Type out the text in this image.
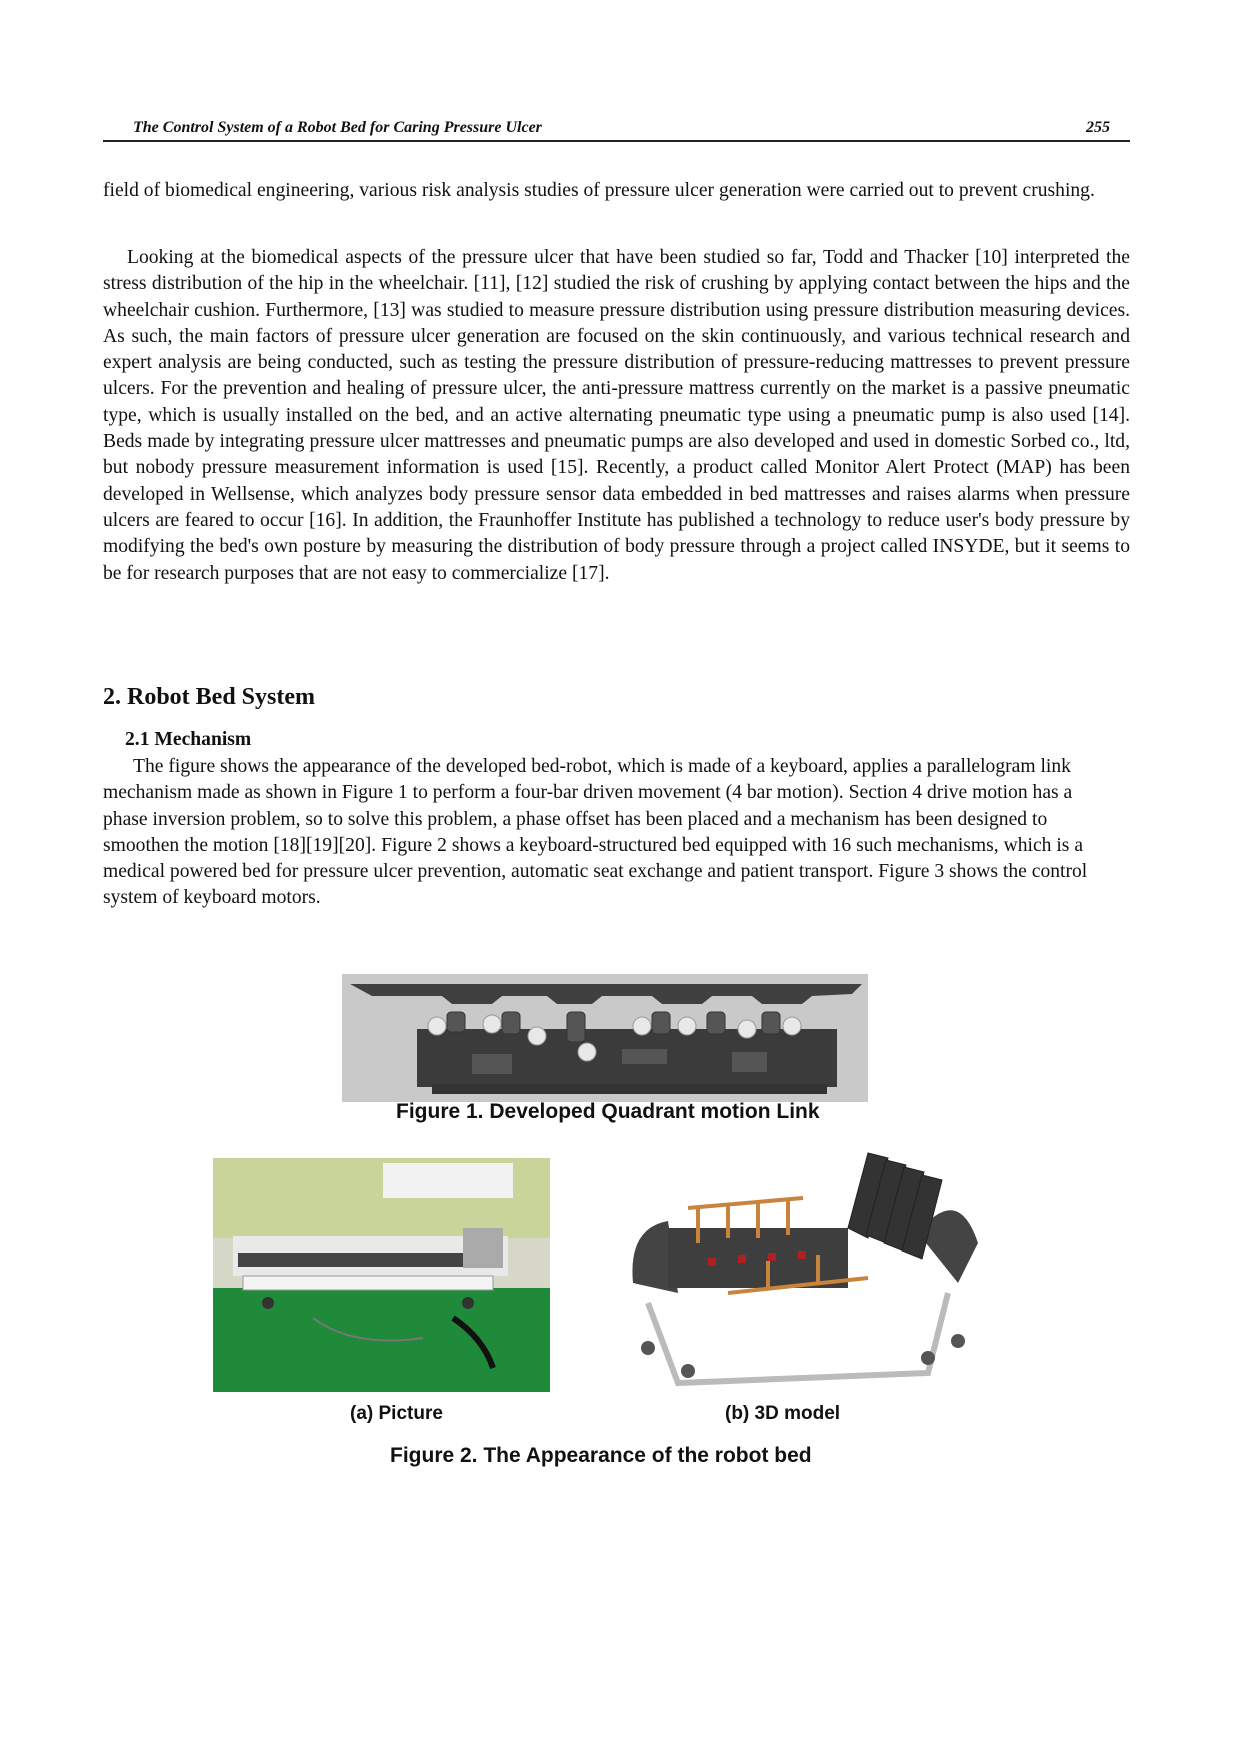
The Control System of a Robot Bed for Caring Pressure Ulcer	255

field of biomedical engineering, various risk analysis studies of pressure ulcer generation were carried out to prevent crushing.

Looking at the biomedical aspects of the pressure ulcer that have been studied so far, Todd and Thacker [10] interpreted the stress distribution of the hip in the wheelchair. [11], [12] studied the risk of crushing by applying contact between the hips and the wheelchair cushion. Furthermore, [13] was studied to measure pressure distribution using pressure distribution measuring devices. As such, the main factors of pressure ulcer generation are focused on the skin continuously, and various technical research and expert analysis are being conducted, such as testing the pressure distribution of pressure-reducing mattresses to prevent pressure ulcers. For the prevention and healing of pressure ulcer, the anti-pressure mattress currently on the market is a passive pneumatic type, which is usually installed on the bed, and an active alternating pneumatic type using a pneumatic pump is also used [14]. Beds made by integrating pressure ulcer mattresses and pneumatic pumps are also developed and used in domestic Sorbed co., ltd, but nobody pressure measurement information is used [15]. Recently, a product called Monitor Alert Protect (MAP) has been developed in Wellsense, which analyzes body pressure sensor data embedded in bed mattresses and raises alarms when pressure ulcers are feared to occur [16]. In addition, the Fraunhoffer Institute has published a technology to reduce user's body pressure by modifying the bed's own posture by measuring the distribution of body pressure through a project called INSYDE, but it seems to be for research purposes that are not easy to commercialize [17].

2. Robot Bed System
2.1 Mechanism

The figure shows the appearance of the developed bed-robot, which is made of a keyboard, applies a parallelogram link mechanism made as shown in Figure 1 to perform a four-bar driven movement (4 bar motion). Section 4 drive motion has a phase inversion problem, so to solve this problem, a phase offset has been placed and a mechanism has been designed to smoothen the motion [18][19][20]. Figure 2 shows a keyboard-structured bed equipped with 16 such mechanisms, which is a medical powered bed for pressure ulcer prevention, automatic seat exchange and patient transport. Figure 3 shows the control system of keyboard motors.

Figure 1. Developed Quadrant motion Link
(a) Picture	(b) 3D model
Figure 2. The Appearance of the robot bed
